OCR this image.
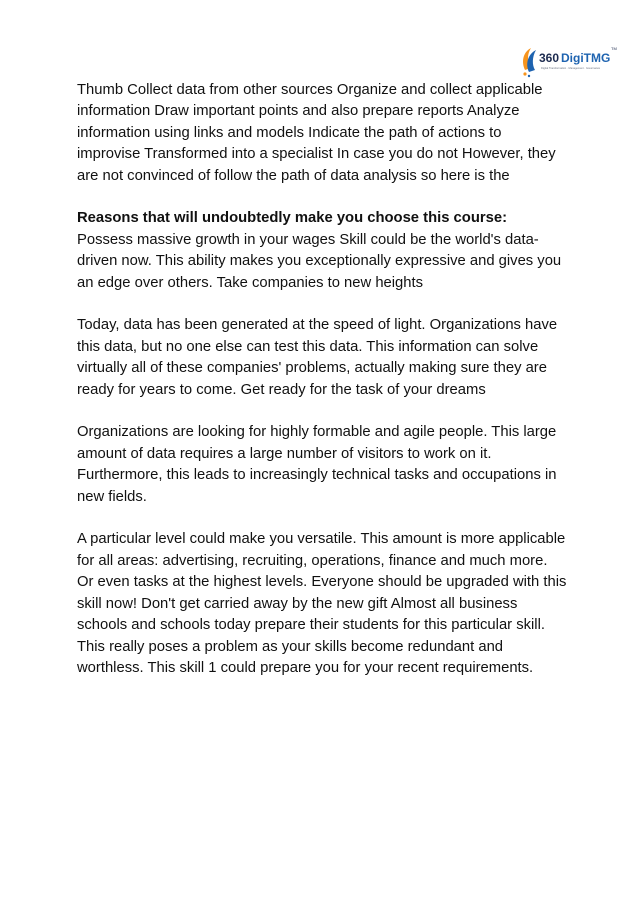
360 DigiTMG
TM
Digital Transformation · Management · Governance

Thumb Collect data from other sources Organize and collect applicable information Draw important points and also prepare reports Analyze information using links and models Indicate the path of actions to improvise Transformed into a specialist In case you do not However, they are not convinced of follow the path of data analysis so here is the

Reasons that will undoubtedly make you choose this course:
Possess massive growth in your wages Skill could be the world's data-driven now. This ability makes you exceptionally expressive and gives you an edge over others. Take companies to new heights

Today, data has been generated at the speed of light. Organizations have this data, but no one else can test this data. This information can solve virtually all of these companies' problems, actually making sure they are ready for years to come. Get ready for the task of your dreams

Organizations are looking for highly formable and agile people. This large amount of data requires a large number of visitors to work on it. Furthermore, this leads to increasingly technical tasks and occupations in new fields.

A particular level could make you versatile. This amount is more applicable for all areas: advertising, recruiting, operations, finance and much more. Or even tasks at the highest levels. Everyone should be upgraded with this skill now! Don't get carried away by the new gift Almost all business schools and schools today prepare their students for this particular skill. This really poses a problem as your skills become redundant and worthless. This skill 1 could prepare you for your recent requirements.
